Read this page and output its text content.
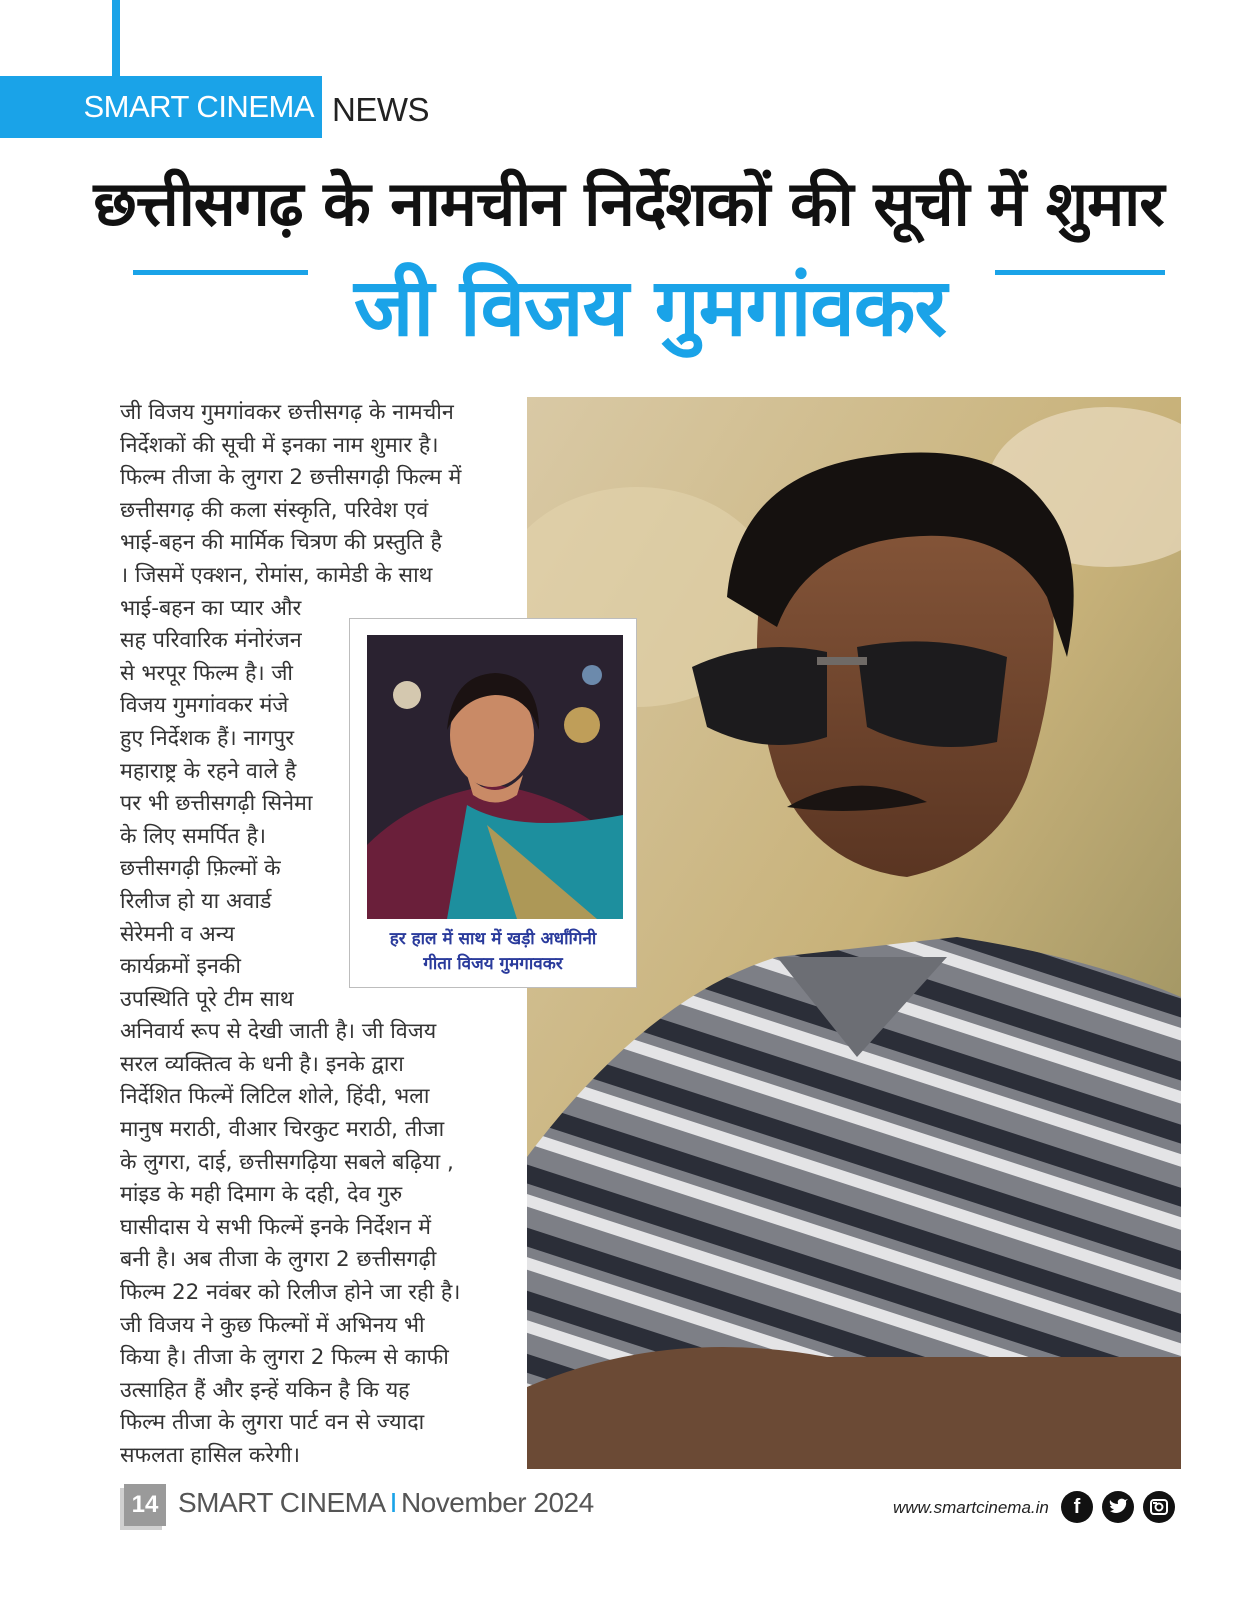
SMART CINEMA NEWS
छत्तीसगढ़ के नामचीन निर्देशकों की सूची में शुमार
जी विजय गुमगांवकर
जी विजय गुमगांवकर छत्तीसगढ़ के नामचीन
निर्देशकों की सूची में इनका नाम शुमार है।
फिल्म तीजा के लुगरा 2 छत्तीसगढ़ी फिल्म में
छत्तीसगढ़ की कला संस्कृति, परिवेश एवं
भाई-बहन की मार्मिक चित्रण की प्रस्तुति है
। जिसमें एक्शन, रोमांस, कामेडी के साथ
भाई-बहन का प्यार और
सह परिवारिक मंनोरंजन
से भरपूर फिल्म है। जी
विजय गुमगांवकर मंजे
हुए निर्देशक हैं। नागपुर
महाराष्ट्र के रहने वाले है
पर भी छत्तीसगढ़ी सिनेमा
के लिए समर्पित है।
छत्तीसगढ़ी फ़िल्मों के
रिलीज हो या अवार्ड
सेरेमनी व अन्य
कार्यक्रमों इनकी
उपस्थिति पूरे टीम साथ
अनिवार्य रूप से देखी जाती है। जी विजय
सरल व्यक्तित्व के धनी है। इनके द्वारा
निर्देशित फिल्में लिटिल शोले, हिंदी, भला
मानुष मराठी, वीआर चिरकुट मराठी, तीजा
के लुगरा, दाई, छत्तीसगढ़िया सबले बढ़िया ,
मांइड के मही दिमाग के दही, देव गुरु
घासीदास ये सभी फिल्में इनके निर्देशन में
बनी है। अब तीजा के लुगरा 2 छत्तीसगढ़ी
फिल्म 22 नवंबर को रिलीज होने जा रही है।
जी विजय ने कुछ फिल्मों में अभिनय भी
किया है। तीजा के लुगरा 2 फिल्म से काफी
उत्साहित हैं और इन्हें यकिन है कि यह
फिल्म तीजा के लुगरा पार्ट वन से ज्यादा
सफलता हासिल करेगी।
हर हाल में साथ में खड़ी अर्धांगिनी
गीता विजय गुमगावकर
14 SMART CINEMA I November 2024	www.smartcinema.in	f
